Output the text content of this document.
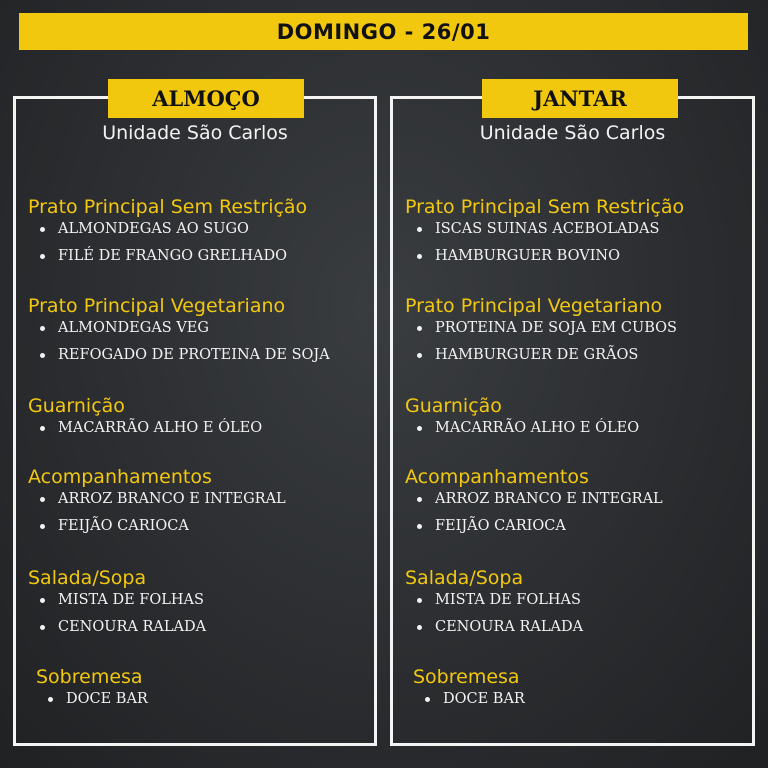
DOMINGO - 26/01
ALMOÇO
Unidade São Carlos
Prato Principal Sem Restrição
ALMONDEGAS AO SUGO
FILÉ DE FRANGO GRELHADO
Prato Principal Vegetariano
ALMONDEGAS VEG
REFOGADO DE PROTEINA DE SOJA
Guarnição
MACARRÃO ALHO E ÓLEO
Acompanhamentos
ARROZ BRANCO E INTEGRAL
FEIJÃO CARIOCA
Salada/Sopa
MISTA DE FOLHAS
CENOURA RALADA
Sobremesa
DOCE BAR
JANTAR
Unidade São Carlos
Prato Principal Sem Restrição
ISCAS SUINAS ACEBOLADAS
HAMBURGUER BOVINO
Prato Principal Vegetariano
PROTEINA DE SOJA EM CUBOS
HAMBURGUER DE GRÃOS
Guarnição
MACARRÃO ALHO E ÓLEO
Acompanhamentos
ARROZ BRANCO E INTEGRAL
FEIJÃO CARIOCA
Salada/Sopa
MISTA DE FOLHAS
CENOURA RALADA
Sobremesa
DOCE BAR
